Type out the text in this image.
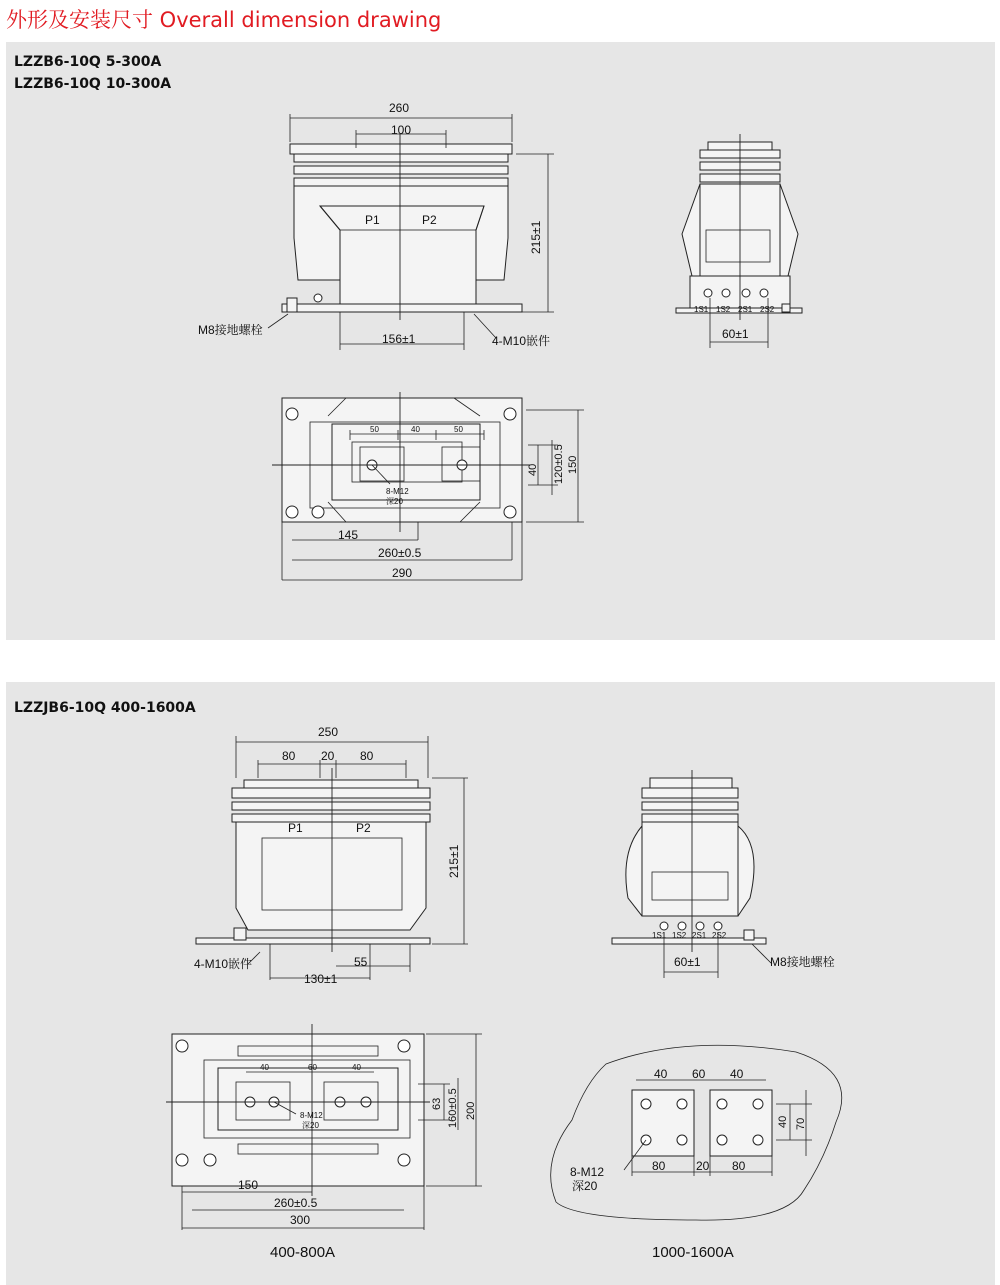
外形及安装尺寸 Overall dimension drawing
LZZB6-10Q 5-300A
LZZB6-10Q 10-300A
260
100
P1	P2
215±1
156±1
M8接地螺栓
4-M10嵌件
1S1 1S2 2S1 2S2
60±1
50	40	50
8-M12
深20
40 120±0.5 150
145
260±0.5
290
LZZJB6-10Q 400-1600A
250
80 20 80
P1	P2
215±1
4-M10嵌件	55
130±1
1S1 1S2 2S1 2S2
60±1	M8接地螺栓
40	60	40
8-M12
深20
63 160±0.5 200
150
260±0.5
300
40 60 40
40 70
80	20 80
8-M12
深20
400-800A	1000-1600A
